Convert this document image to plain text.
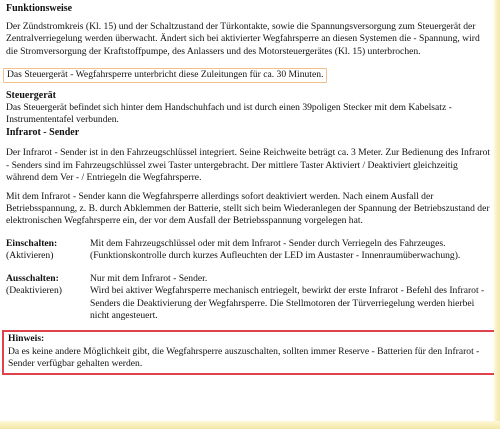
Funktionsweise

Der Zündstromkreis (Kl. 15) und der Schaltzustand der Türkontakte, sowie die Spannungsversorgung zum Steuergerät der Zentralverriegelung werden überwacht. Ändert sich bei aktivierter Wegfahrsperre an diesen Systemen die - Spannung, wird die Stromversorgung der Kraftstoffpumpe, des Anlassers und des Motorsteuergerätes (Kl. 15) unterbrochen.

Das Steuergerät - Wegfahrsperre unterbricht diese Zuleitungen für ca. 30 Minuten.
Steuergerät

Das Steuergerät befindet sich hinter dem Handschuhfach und ist durch einen 39poligen Stecker mit dem Kabelsatz - Instrumententafel verbunden.

Infrarot - Sender

Der Infrarot - Sender ist in den Fahrzeugschlüssel integriert. Seine Reichweite beträgt ca. 3 Meter. Zur Bedienung des Infrarot - Senders sind im Fahrzeugschlüssel zwei Taster untergebracht. Der mittlere Taster Aktiviert / Deaktiviert gleichzeitig während dem Ver - / Entriegeln die Wegfahrsperre.

Mit dem Infrarot - Sender kann die Wegfahrsperre allerdings sofort deaktiviert werden. Nach einem Ausfall der Betriebsspannung, z. B. durch Abklemmen der Batterie, stellt sich beim Wiederanlegen der Spannung der Betriebszustand der elektronischen Wegfahrsperre ein, der vor dem Ausfall der Betriebsspannung vorgelegen hat.

Einschalten:
(Aktivieren)

Mit dem Fahrzeugschlüssel oder mit dem Infrarot - Sender durch Verriegeln des Fahrzeuges.

(Funktionskontrolle durch kurzes Aufleuchten der LED im Austaster - Innenraumüberwachung).

Ausschalten:
(Deaktivieren)

Nur mit dem Infrarot - Sender.

Wird bei aktiver Wegfahrsperre mechanisch entriegelt, bewirkt der erste Infrarot - Befehl des Infrarot - Senders die Deaktivierung der Wegfahrsperre. Die Stellmotoren der Türverriegelung werden hierbei nicht angesteuert.

Hinweis:

Da es keine andere Möglichkeit gibt, die Wegfahrsperre auszuschalten, sollten immer Reserve - Batterien für den Infrarot - Sender verfügbar gehalten werden.
